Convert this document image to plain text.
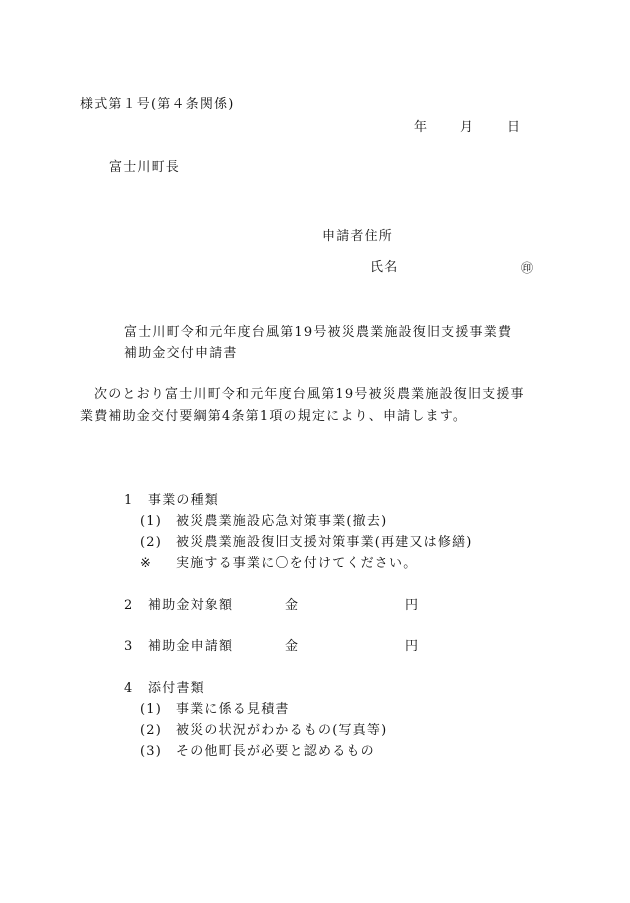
様式第１号(第４条関係)
年 月	日
富士川町長
申請者住所
氏名	㊞
富士川町令和元年度台風第19号被災農業施設復旧支援事業費
補助金交付申請書
次のとおり富士川町令和元年度台風第19号被災農業施設復旧支援事
業費補助金交付要綱第4条第1項の規定により、申請します。
1 事業の種類
(1) 被災農業施設応急対策事業(撤去)
(2) 被災農業施設復旧支援対策事業(再建又は修繕)
※ 実施する事業に〇を付けてください。
2 補助金対象額	金	円
3 補助金申請額	金	円
4 添付書類
(1) 事業に係る見積書
(2) 被災の状況がわかるもの(写真等)
(3) その他町長が必要と認めるもの
